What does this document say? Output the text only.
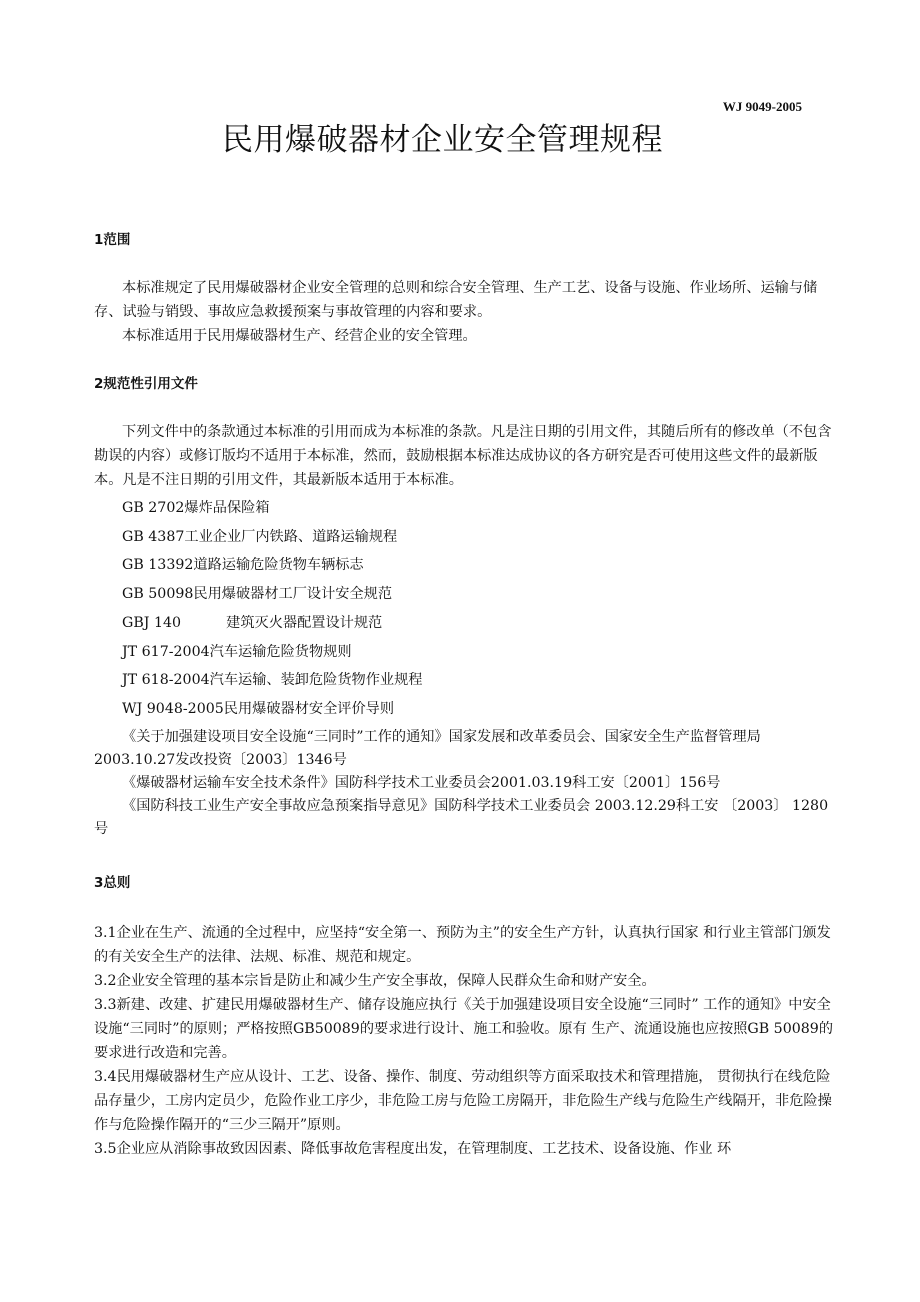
WJ 9049-2005
民用爆破器材企业安全管理规程
1范围

本标准规定了民用爆破器材企业安全管理的总则和综合安全管理、生产工艺、设备与设施、作业场所、运输与储存、试验与销毁、事故应急救援预案与事故管理的内容和要求。

本标准适用于民用爆破器材生产、经营企业的安全管理。

2规范性引用文件

下列文件中的条款通过本标准的引用而成为本标准的条款。凡是注日期的引用文件，其随后所有的修改单（不包含勘误的内容）或修订版均不适用于本标准，然而，鼓励根据本标准达成协议的各方研究是否可使用这些文件的最新版本。凡是不注日期的引用文件，其最新版本适用于本标准。

GB 2702爆炸品保险箱
GB 4387工业企业厂内铁路、道路运输规程
GB 13392道路运输危险货物车辆标志
GB 50098民用爆破器材工厂设计安全规范
GBJ 140          建筑灭火器配置设计规范
JT 617-2004汽车运输危险货物规则
JT 618-2004汽车运输、装卸危险货物作业规程
WJ 9048-2005民用爆破器材安全评价导则

《关于加强建设项目安全设施“三同时”工作的通知》国家发展和改革委员会、国家安全生产监督管理局 2003.10.27发改投资〔2003〕1346号

《爆破器材运输车安全技术条件》国防科学技术工业委员会2001.03.19科工安〔2001〕156号

《国防科技工业生产安全事故应急预案指导意见》国防科学技术工业委员会 2003.12.29科工安 〔2003〕 1280 号

3总则

3.1企业在生产、流通的全过程中，应坚持“安全第一、预防为主”的安全生产方针，认真执行国家 和行业主管部门颁发的有关安全生产的法律、法规、标准、规范和规定。

3.2企业安全管理的基本宗旨是防止和减少生产安全事故，保障人民群众生命和财产安全。

3.3新建、改建、扩建民用爆破器材生产、储存设施应执行《关于加强建设项目安全设施“三同时” 工作的通知》中安全设施“三同时”的原则；严格按照GB50089的要求进行设计、施工和验收。原有 生产、流通设施也应按照GB 50089的要求进行改造和完善。

3.4民用爆破器材生产应从设计、工艺、设备、操作、制度、劳动组织等方面采取技术和管理措施， 贯彻执行在线危险品存量少，工房内定员少，危险作业工序少，非危险工房与危险工房隔开，非危险生产线与危险生产线隔开，非危险操作与危险操作隔开的“三少三隔开”原则。

3.5企业应从消除事故致因因素、降低事故危害程度出发，在管理制度、工艺技术、设备设施、作业 环
